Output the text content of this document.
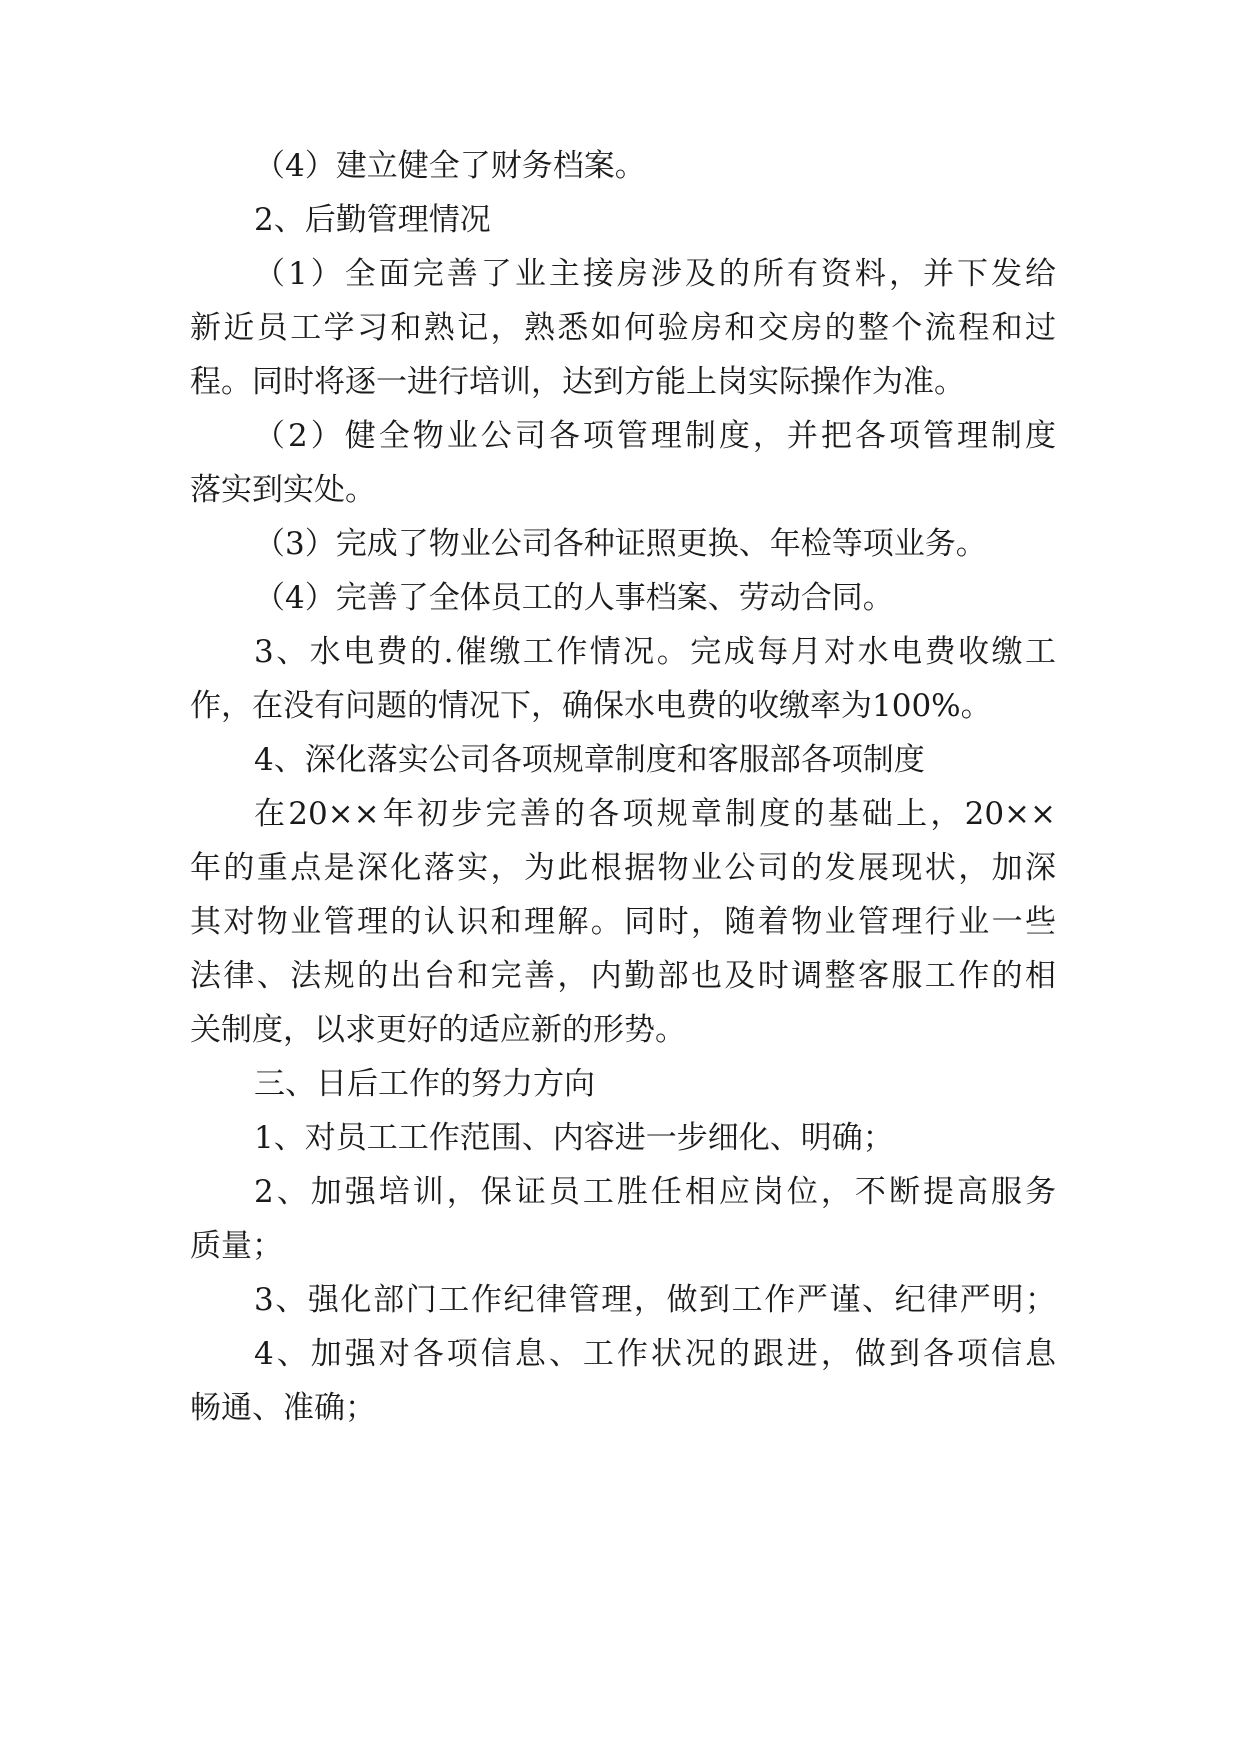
（4）建立健全了财务档案。
2、后勤管理情况
（1）全面完善了业主接房涉及的所有资料，并下发给
新近员工学习和熟记，熟悉如何验房和交房的整个流程和过
程。同时将逐一进行培训，达到方能上岗实际操作为准。
（2）健全物业公司各项管理制度，并把各项管理制度
落实到实处。
（3）完成了物业公司各种证照更换、年检等项业务。
（4）完善了全体员工的人事档案、劳动合同。
3、水电费的.催缴工作情况。完成每月对水电费收缴工
作，在没有问题的情况下，确保水电费的收缴率为100%。
4、深化落实公司各项规章制度和客服部各项制度
在20××年初步完善的各项规章制度的基础上，20××
年的重点是深化落实，为此根据物业公司的发展现状，加深
其对物业管理的认识和理解。同时，随着物业管理行业一些
法律、法规的出台和完善，内勤部也及时调整客服工作的相
关制度，以求更好的适应新的形势。
三、日后工作的努力方向
1、对员工工作范围、内容进一步细化、明确；
2、加强培训，保证员工胜任相应岗位，不断提高服务
质量；
3、强化部门工作纪律管理，做到工作严谨、纪律严明；
4、加强对各项信息、工作状况的跟进，做到各项信息
畅通、准确；
